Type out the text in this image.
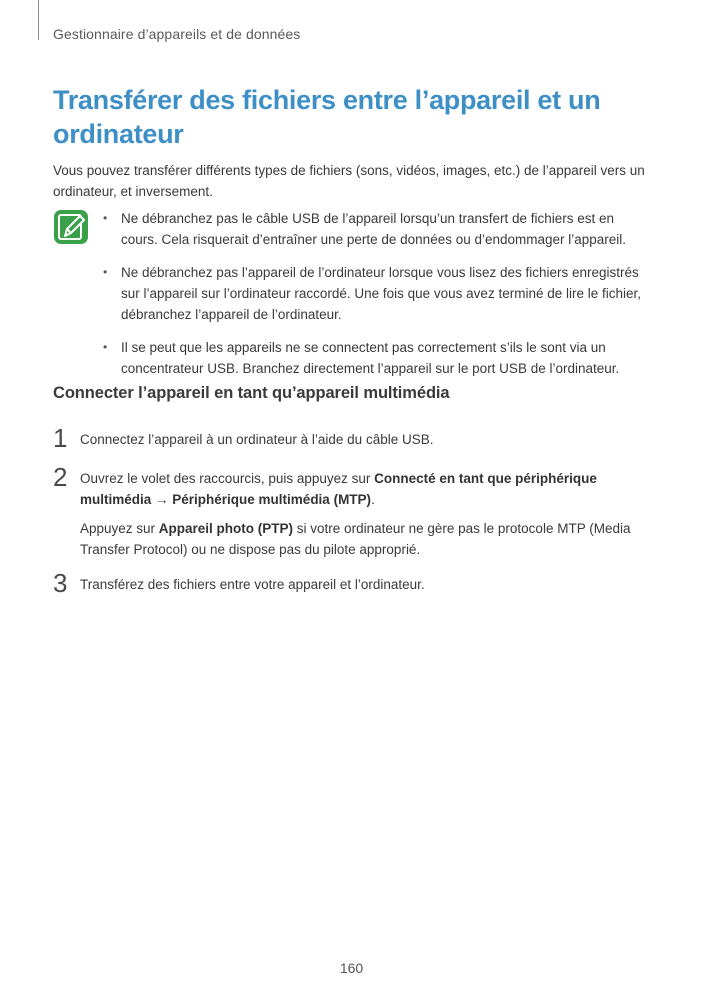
Gestionnaire d’appareils et de données
Transférer des fichiers entre l’appareil et un ordinateur

Vous pouvez transférer différents types de fichiers (sons, vidéos, images, etc.) de l’appareil vers un ordinateur, et inversement.

• Ne débranchez pas le câble USB de l’appareil lorsqu’un transfert de fichiers est en cours. Cela risquerait d’entraîner une perte de données ou d’endommager l’appareil.
• Ne débranchez pas l’appareil de l’ordinateur lorsque vous lisez des fichiers enregistrés sur l’appareil sur l’ordinateur raccordé. Une fois que vous avez terminé de lire le fichier, débranchez l’appareil de l’ordinateur.
• Il se peut que les appareils ne se connectent pas correctement s’ils le sont via un concentrateur USB. Branchez directement l’appareil sur le port USB de l’ordinateur.
Connecter l’appareil en tant qu’appareil multimédia
1 Connectez l’appareil à un ordinateur à l’aide du câble USB.
2 Ouvrez le volet des raccourcis, puis appuyez sur Connecté en tant que périphérique multimédia → Périphérique multimédia (MTP).
Appuyez sur Appareil photo (PTP) si votre ordinateur ne gère pas le protocole MTP (Media Transfer Protocol) ou ne dispose pas du pilote approprié.
3 Transférez des fichiers entre votre appareil et l’ordinateur.
160
